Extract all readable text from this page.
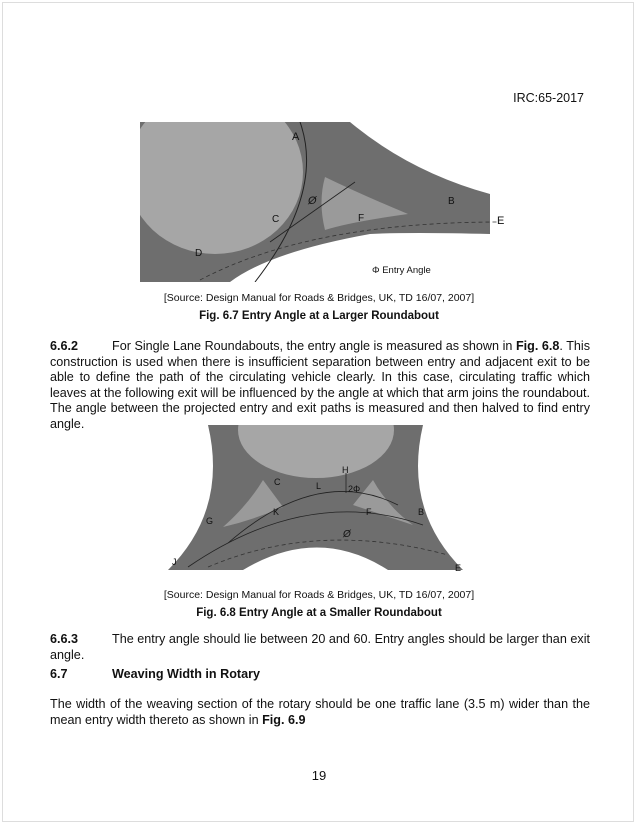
IRC:65-2017
A
B
C
Ø
F	E
D
Φ Entry Angle
[Source: Design Manual for Roads & Bridges, UK, TD 16/07, 2007]
Fig. 6.7 Entry Angle at a Larger Roundabout
6.6.2	For Single Lane Roundabouts, the entry angle is measured as shown in Fig. 6.8. This construction is used when there is insufficient separation between entry and adjacent exit to be able to define the path of the circulating vehicle clearly. In this case, circulating traffic which leaves at the following exit will be influenced by the angle at which that arm joins the roundabout. The angle between the projected entry and exit paths is measured and then halved to find entry angle.
H
C	L	2Φ
K
G
F	B
Ø
J
E
[Source: Design Manual for Roads & Bridges, UK, TD 16/07, 2007]
Fig. 6.8 Entry Angle at a Smaller Roundabout
6.6.3	The entry angle should lie between 20 and 60. Entry angles should be larger than exit angle.
6.7	Weaving Width in Rotary
The width of the weaving section of the rotary should be one traffic lane (3.5 m) wider than the mean entry width thereto as shown in Fig. 6.9
19
